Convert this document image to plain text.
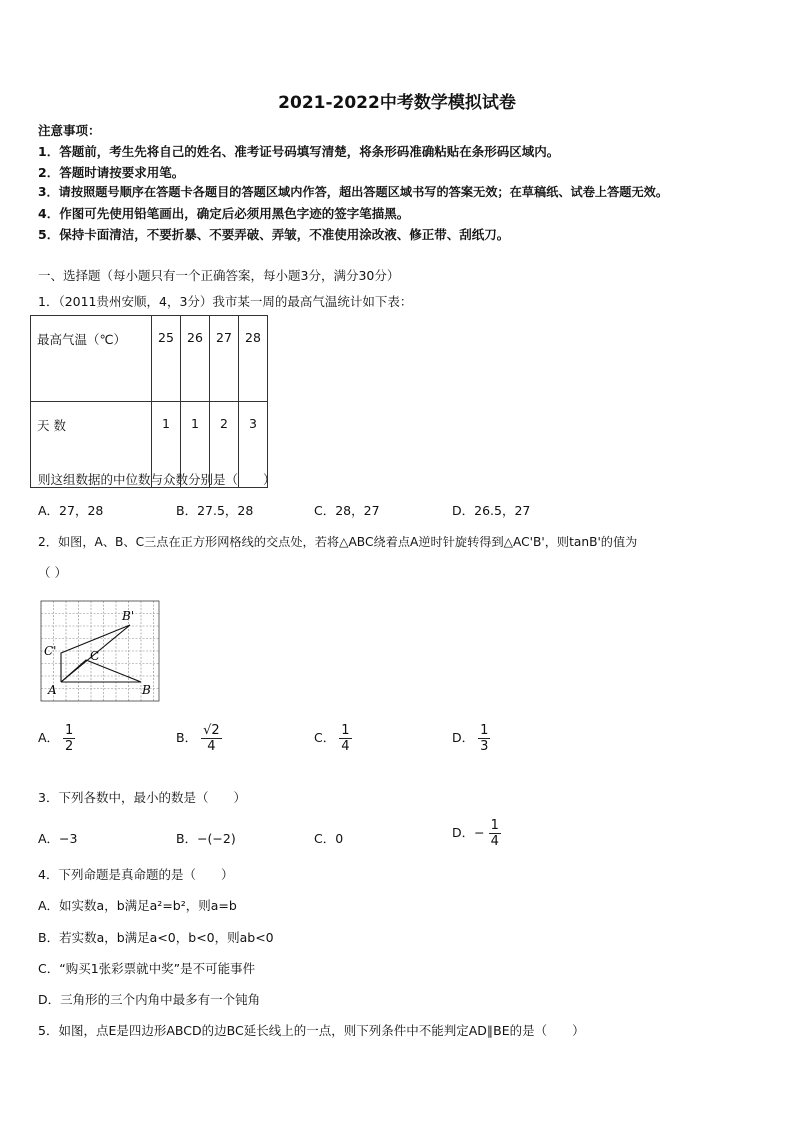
2021-2022中考数学模拟试卷
注意事项：
1．答题前，考生先将自己的姓名、准考证号码填写清楚，将条形码准确粘贴在条形码区域内。
2．答题时请按要求用笔。
3．请按照题号顺序在答题卡各题目的答题区域内作答，超出答题区域书写的答案无效；在草稿纸、试卷上答题无效。
4．作图可先使用铅笔画出，确定后必须用黑色字迹的签字笔描黑。
5．保持卡面清洁，不要折暴、不要弄破、弄皱，不准使用涂改液、修正带、刮纸刀。
一、选择题（每小题只有一个正确答案，每小题3分，满分30分）
1．（2011贵州安顺，4，3分）我市某一周的最高气温统计如下表：
最高气温（℃）	25	26	27	28
天 数	1	1	2	3
则这组数据的中位数与众数分别是（　　）
A．27，28	B．27.5，28	C．28，27	D．26.5，27
2．如图，A、B、C三点在正方形网格线的交点处，若将△ABC绕着点A逆时针旋转得到△AC'B'，则tanB'的值为
（ ）
A	B
C
C'
B'
A． $\frac{1}{2}$	B． $\frac{√2}{4}$	C． $\frac{1}{4}$	D． $\frac{1}{3}$
3．下列各数中，最小的数是（　　）
A．−3	B．−(−2)	C．0	D．− $\frac{1}{4}$
4．下列命题是真命题的是（　　）
A．如实数a，b满足a²=b²，则a=b
B．若实数a，b满足a<0，b<0，则ab<0
C．“购买1张彩票就中奖”是不可能事件
D．三角形的三个内角中最多有一个钝角
5．如图，点E是四边形ABCD的边BC延长线上的一点，则下列条件中不能判定AD∥BE的是（　　）
